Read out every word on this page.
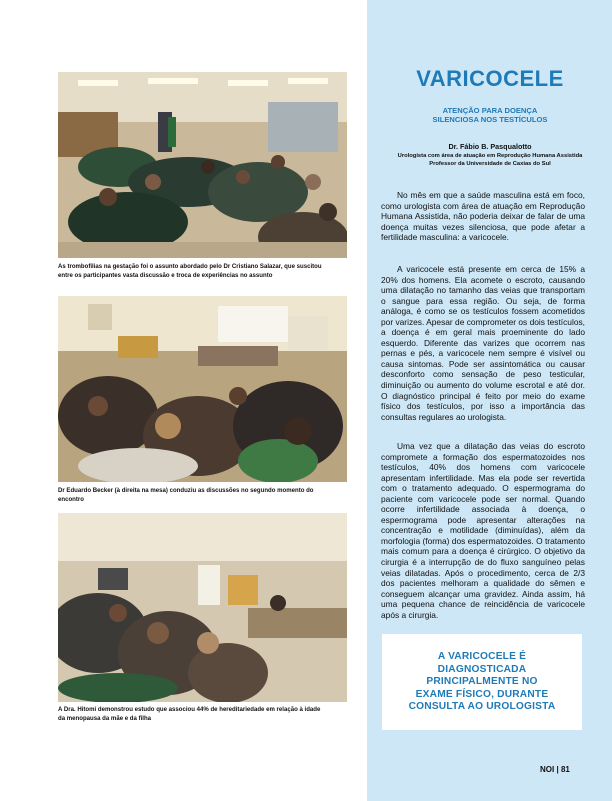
As trombofilias na gestação foi o assunto abordado pelo Dr Cristiano Salazar, que suscitou entre os participantes vasta discussão e troca de experiências no assunto
Dr Eduardo Becker (à direita na mesa) conduziu as discussões no segundo momento do encontro
A Dra. Hitomi demonstrou estudo que associou 44% de hereditariedade em relação à idade da menopausa da mãe e da filha
VARICOCELE
ATENÇÃO PARA DOENÇA
SILENCIOSA NOS TESTÍCULOS
Dr. Fábio B. Pasqualotto
Urologista com área de atuação em Reprodução Humana Assistida
Professor da Universidade de Caxias do Sul

No mês em que a saúde masculina está em foco, como urologista com área de atuação em Reprodução Humana Assistida, não poderia deixar de falar de uma doença muitas vezes silenciosa, que pode afetar a fertilidade masculina: a varicocele.

A varicocele está presente em cerca de 15% a 20% dos homens. Ela acomete o escroto, causando uma dilatação no tamanho das veias que transportam o sangue para essa região. Ou seja, de forma análoga, é como se os testículos fossem acometidos por varizes. Apesar de comprometer os dois testículos, a doença é em geral mais proeminente do lado esquerdo. Diferente das varizes que ocorrem nas pernas e pés, a varicocele nem sempre é visível ou causa sintomas. Pode ser assintomática ou causar desconforto como sensação de peso testicular, diminuição ou aumento do volume escrotal e até dor. O diagnóstico principal é feito por meio do exame físico dos testículos, por isso a importância das consultas regulares ao urologista.

Uma vez que a dilatação das veias do escroto compromete a formação dos espermatozoides nos testículos, 40% dos homens com varicocele apresentam infertilidade. Mas ela pode ser revertida com o tratamento adequado. O espermograma do paciente com varicocele pode ser normal. Quando ocorre infertilidade associada à doença, o espermograma pode apresentar alterações na concentração e motilidade (diminuídas), além da morfologia (forma) dos espermatozoides. O tratamento mais comum para a doença é cirúrgico. O objetivo da cirurgia é a interrupção de do fluxo sanguíneo pelas veias dilatadas. Após o procedimento, cerca de 2/3 dos pacientes melhoram a qualidade do sêmen e conseguem alcançar uma gravidez. Ainda assim, há uma pequena chance de reincidência de varicocele após a cirurgia.

A VARICOCELE É
DIAGNOSTICADA
PRINCIPALMENTE NO
EXAME FÍSICO, DURANTE
CONSULTA AO UROLOGISTA
NOI | 81
